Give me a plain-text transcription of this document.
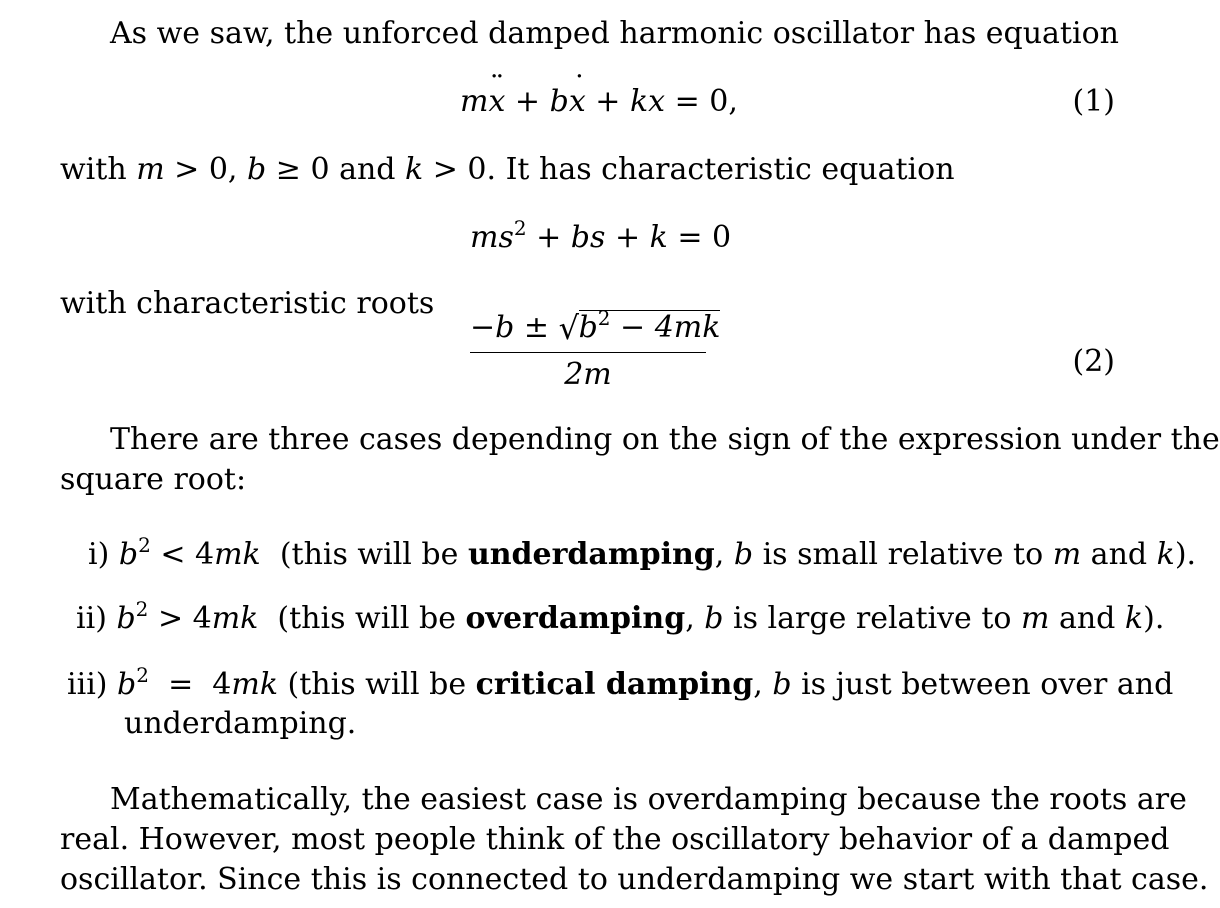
As we saw, the unforced damped harmonic oscillator has equation
mx ¨ + bx ˙ + kx = 0,	(1)
with m > 0, b ≥ 0 and k > 0. It has characteristic equation
$ms^2$ + bs + k = 0
with characteristic roots
$\frac{-b \pm √ b^2 - 4mk}{2m}$	(2)
There are three cases depending on the sign of the expression under the
square root:
i) $b^2 < 4mk$  (this will be underdamping, b is small relative to m and k).
ii) $b^2 > 4mk$  (this will be overdamping, b is large relative to m and k).
iii) $b^2 = 4mk$ (this will be critical damping, b is just between over and
underdamping.
Mathematically, the easiest case is overdamping because the roots are
real. However, most people think of the oscillatory behavior of a damped
oscillator. Since this is connected to underdamping we start with that case.
